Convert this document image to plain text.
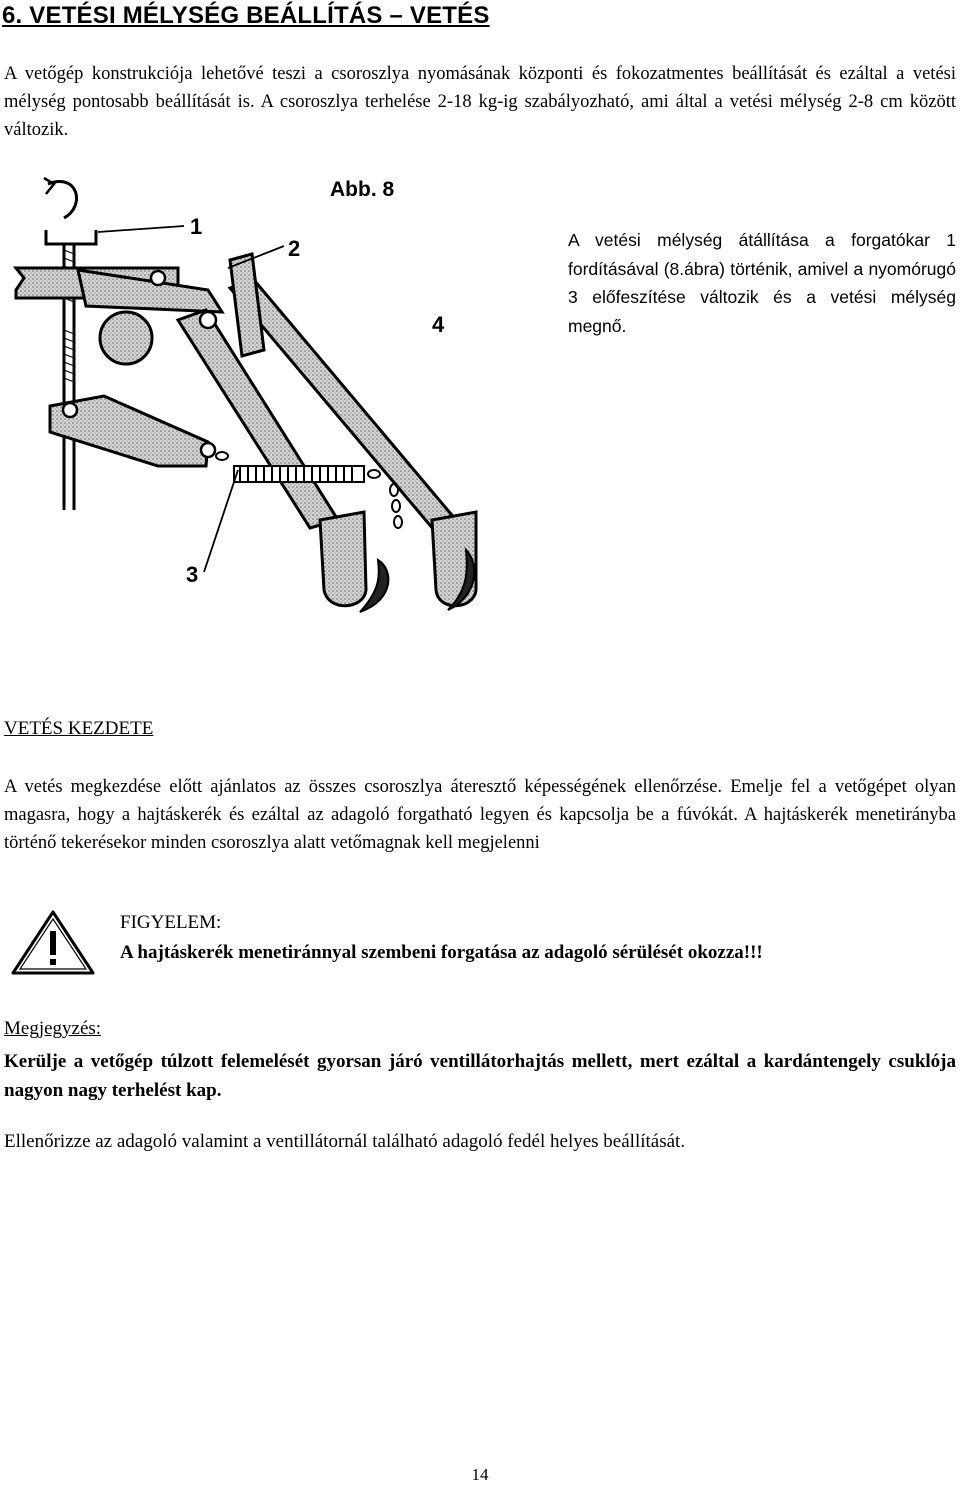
6. VETÉSI MÉLYSÉG BEÁLLÍTÁS – VETÉS
A vetőgép konstrukciója lehetővé teszi a csoroszlya nyomásának központi és fokozatmentes beállítását és ezáltal a vetési mélység pontosabb beállítását is. A csoroszlya terhelése 2-18 kg-ig szabályozható, ami által a vetési mélység 2-8 cm között változik.
Abb. 8
1
2
3
4
A vetési mélység átállítása a forgatókar 1 fordításával (8.ábra) történik, amivel a nyomórugó 3 előfeszítése változik és a vetési mélység megnő.
VETÉS KEZDETE
A vetés megkezdése előtt ajánlatos az összes csoroszlya áteresztő képességének ellenőrzése. Emelje fel a vetőgépet olyan magasra, hogy a hajtáskerék és ezáltal az adagoló forgatható legyen és kapcsolja be a fúvókát. A hajtáskerék menetirányba történő tekerésekor minden csoroszlya alatt vetőmagnak kell megjelenni
FIGYELEM:
A hajtáskerék menetiránnyal szembeni forgatása az adagoló sérülését okozza!!!
Megjegyzés:
Kerülje a vetőgép túlzott felemelését gyorsan járó ventillátorhajtás mellett, mert ezáltal a kardántengely csuklója nagyon nagy terhelést kap.
Ellenőrizze az adagoló valamint a ventillátornál található adagoló fedél helyes beállítását.
14
